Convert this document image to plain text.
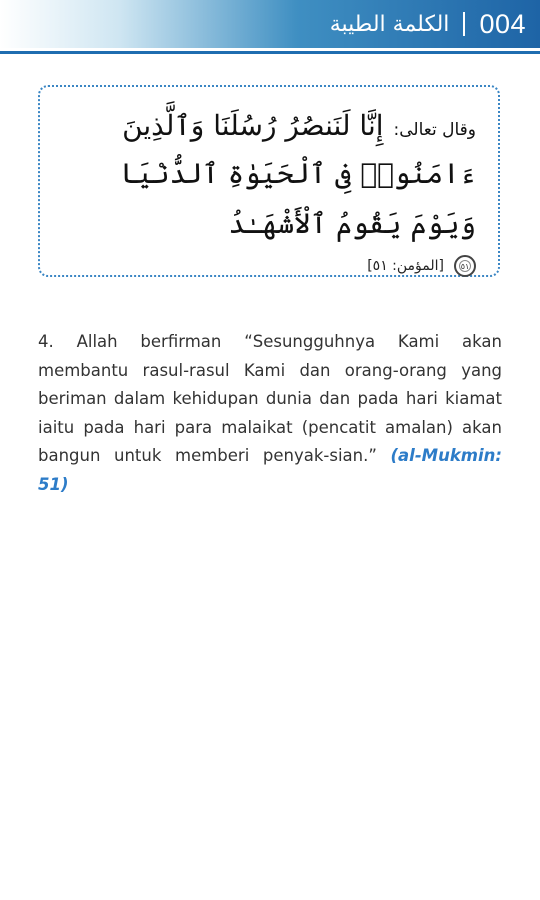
الكلمة الطيبة 004
وقال تعالى:
إِنَّا لَنَنصُرُ رُسُلَنَا وَٱلَّذِينَ
ءَامَنُوا۟ فِى ٱلْحَيَوٰةِ ٱلدُّنْيَا وَيَوْمَ يَقُومُ ٱلْأَشْهَـٰدُ
٥١
[المؤمن: ٥١]
4. Allah berfirman “Sesungguhnya Kami akan membantu rasul-rasul Kami dan orang-orang yang beriman dalam kehidupan dunia dan pada hari kiamat iaitu pada hari para malaikat (pencatit amalan) akan bangun untuk memberi penyak-sian.” (al-Mukmin: 51)
